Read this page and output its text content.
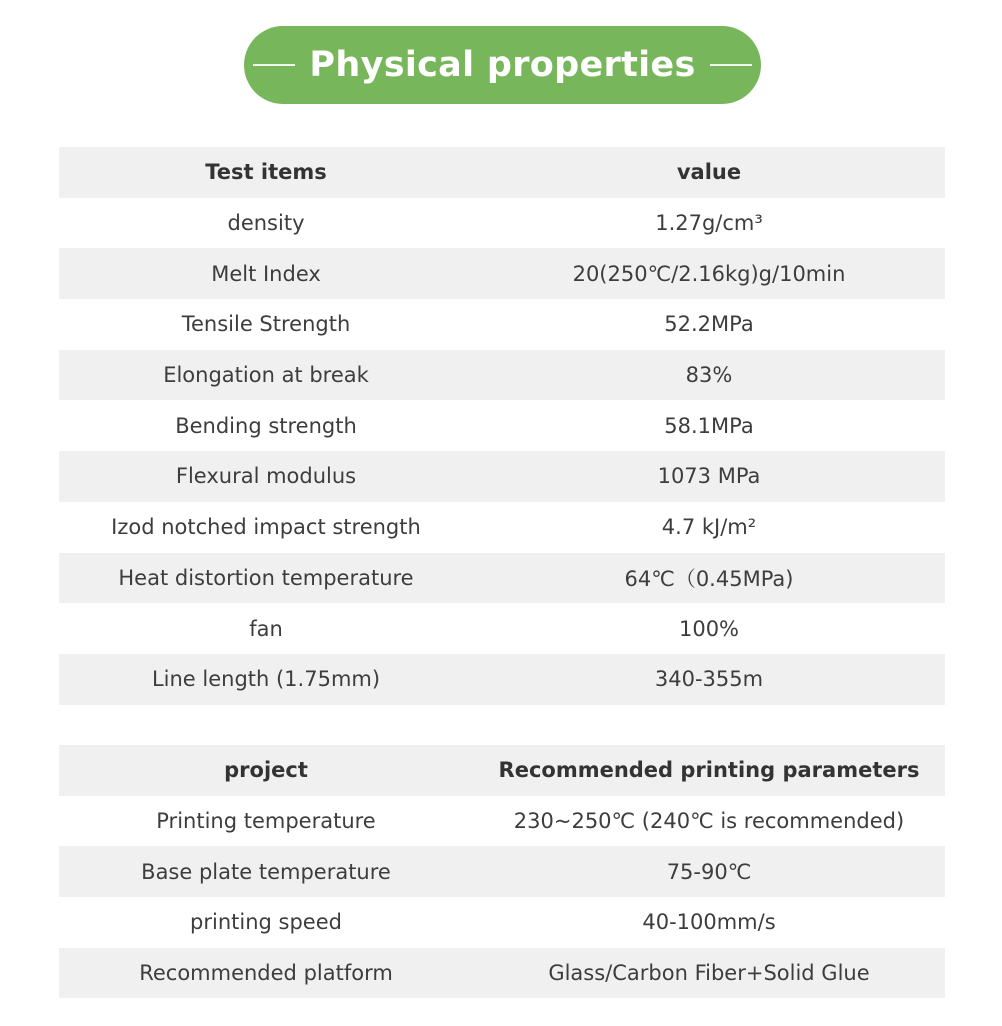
Physical properties
Test items	value
density	1.27g/cm³
Melt Index	20(250℃/2.16kg)g/10min
Tensile Strength	52.2MPa
Elongation at break	83%
Bending strength	58.1MPa
Flexural modulus	1073 MPa
Izod notched impact strength	4.7 kJ/m²
Heat distortion temperature	64℃（0.45MPa)
fan	100%
Line length (1.75mm)	340-355m
project	Recommended printing parameters
Printing temperature	230~250℃ (240℃ is recommended)
Base plate temperature	75-90℃
printing speed	40-100mm/s
Recommended platform	Glass/Carbon Fiber+Solid Glue
